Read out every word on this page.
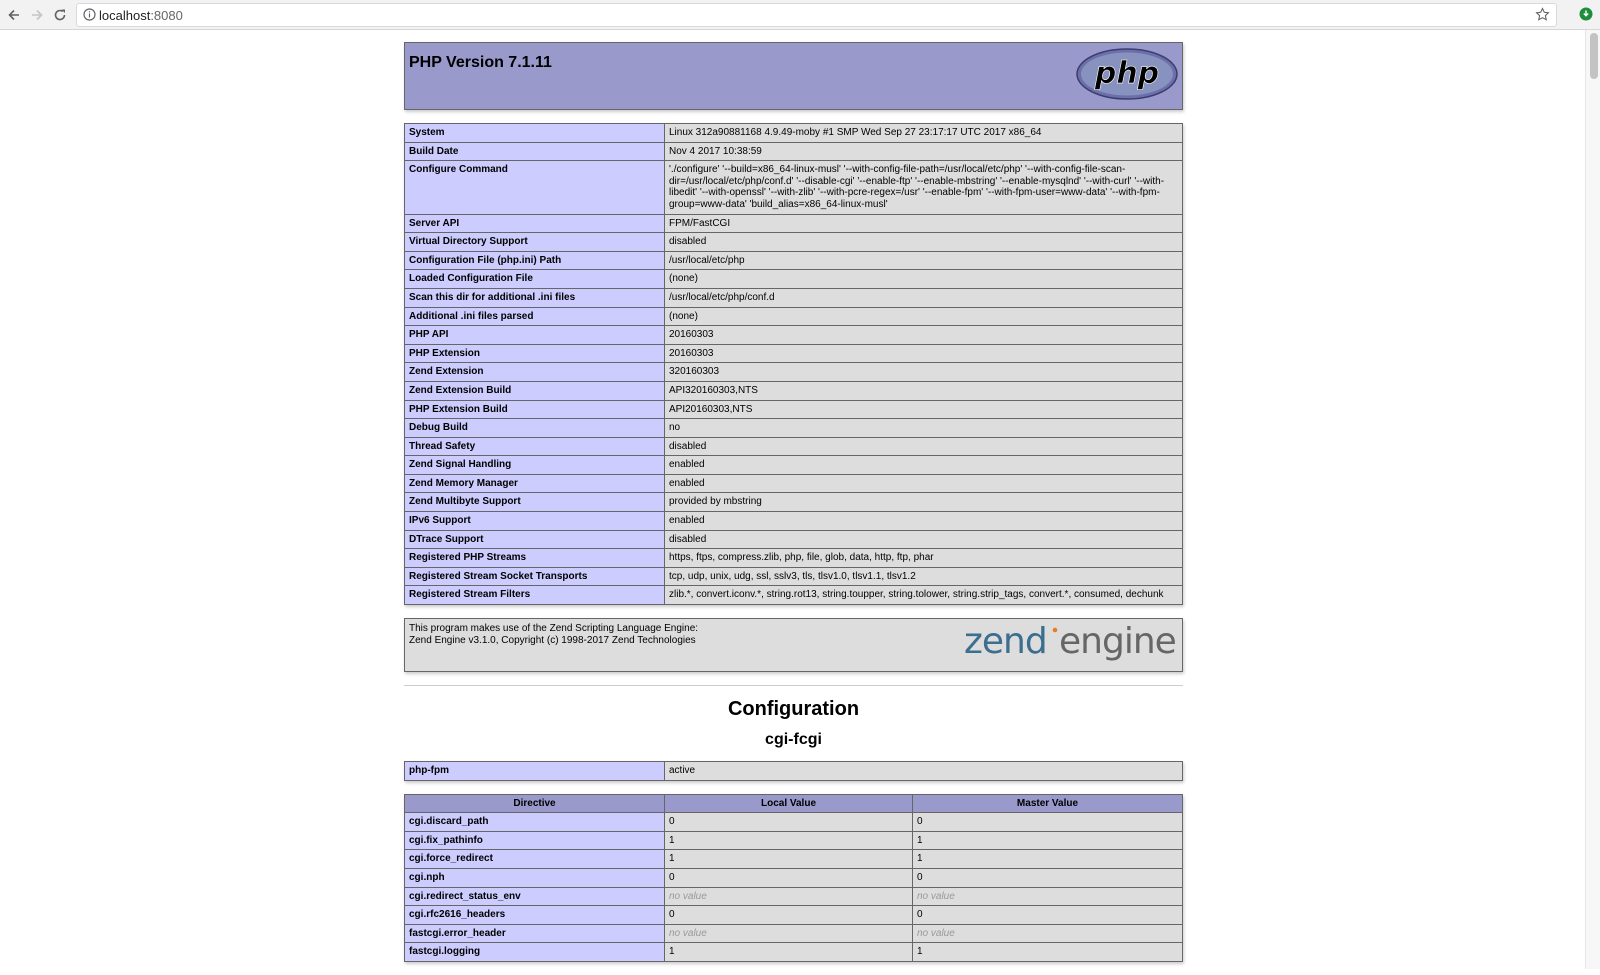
localhost:8080
PHP Version 7.1.11	php
System	Linux 312a90881168 4.9.49-moby #1 SMP Wed Sep 27 23:17:17 UTC 2017 x86_64
Build Date	Nov 4 2017 10:38:59
Configure Command	'./configure' '--build=x86_64-linux-musl' '--with-config-file-path=/usr/local/etc/php' '--with-config-file-scan-dir=/usr/local/etc/php/conf.d' '--disable-cgi' '--enable-ftp' '--enable-mbstring' '--enable-mysqlnd' '--with-curl' '--with-libedit' '--with-openssl' '--with-zlib' '--with-pcre-regex=/usr' '--enable-fpm' '--with-fpm-user=www-data' '--with-fpm-group=www-data' 'build_alias=x86_64-linux-musl'
Server API	FPM/FastCGI
Virtual Directory Support	disabled
Configuration File (php.ini) Path	/usr/local/etc/php
Loaded Configuration File	(none)
Scan this dir for additional .ini files	/usr/local/etc/php/conf.d
Additional .ini files parsed	(none)
PHP API	20160303
PHP Extension	20160303
Zend Extension	320160303
Zend Extension Build	API320160303,NTS
PHP Extension Build	API20160303,NTS
Debug Build	no
Thread Safety	disabled
Zend Signal Handling	enabled
Zend Memory Manager	enabled
Zend Multibyte Support	provided by mbstring
IPv6 Support	enabled
DTrace Support	disabled
Registered PHP Streams	https, ftps, compress.zlib, php, file, glob, data, http, ftp, phar
Registered Stream Socket Transports	tcp, udp, unix, udg, ssl, sslv3, tls, tlsv1.0, tlsv1.1, tlsv1.2
Registered Stream Filters	zlib.*, convert.iconv.*, string.rot13, string.toupper, string.tolower, string.strip_tags, convert.*, consumed, dechunk
This program makes use of the Zend Scripting Language Engine:
Zend Engine v3.1.0, Copyright (c) 1998-2017 Zend Technologies	zend engine
Configuration
cgi-fcgi
php-fpm	active
Directive	Local Value	Master Value
cgi.discard_path	0	0
cgi.fix_pathinfo	1	1
cgi.force_redirect	1	1
cgi.nph	0	0
cgi.redirect_status_env	no value	no value
cgi.rfc2616_headers	0	0
fastcgi.error_header	no value	no value
fastcgi.logging	1	1
